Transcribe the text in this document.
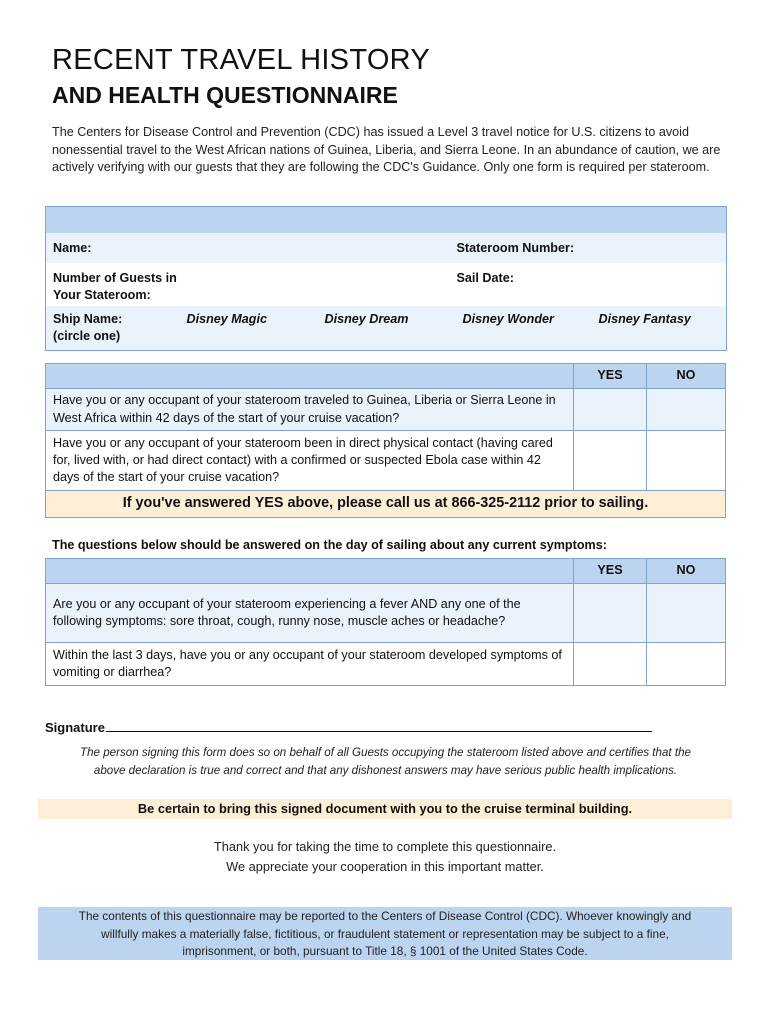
RECENT TRAVEL HISTORY
AND HEALTH QUESTIONNAIRE
The Centers for Disease Control and Prevention (CDC) has issued a Level 3 travel notice for U.S. citizens to avoid nonessential travel to the West African nations of Guinea, Liberia, and Sierra Leone. In an abundance of caution, we are actively verifying with our guests that they are following the CDC's Guidance. Only one form is required per stateroom.

Name:			Stateroom Number:	

Number of Guests in
Your Stateroom:			Sail Date:	

Ship Name:
(circle one)	Disney Magic	Disney Dream	Disney Wonder	Disney Fantasy
	YES	NO
Have you or any occupant of your stateroom traveled to Guinea, Liberia or Sierra Leone in West Africa within 42 days of the start of your cruise vacation?		
Have you or any occupant of your stateroom been in direct physical contact (having cared for, lived with, or had direct contact) with a confirmed or suspected Ebola case within 42 days of the start of your cruise vacation?		
If you've answered YES above, please call us at 866-325-2112 prior to sailing.		
The questions below should be answered on the day of sailing about any current symptoms:
	YES	NO
Are you or any occupant of your stateroom experiencing a fever AND any one of the following symptoms: sore throat, cough, runny nose, muscle aches or headache?		
Within the last 3 days, have you or any occupant of your stateroom developed symptoms of vomiting or diarrhea?		
Signature
The person signing this form does so on behalf of all Guests occupying the stateroom listed above and certifies that the
above declaration is true and correct and that any dishonest answers may have serious public health implications.
Be certain to bring this signed document with you to the cruise terminal building.
Thank you for taking the time to complete this questionnaire.
We appreciate your cooperation in this important matter.
The contents of this questionnaire may be reported to the Centers of Disease Control (CDC). Whoever knowingly and
willfully makes a materially false, fictitious, or fraudulent statement or representation may be subject to a fine,
imprisonment, or both, pursuant to Title 18, § 1001 of the United States Code.
